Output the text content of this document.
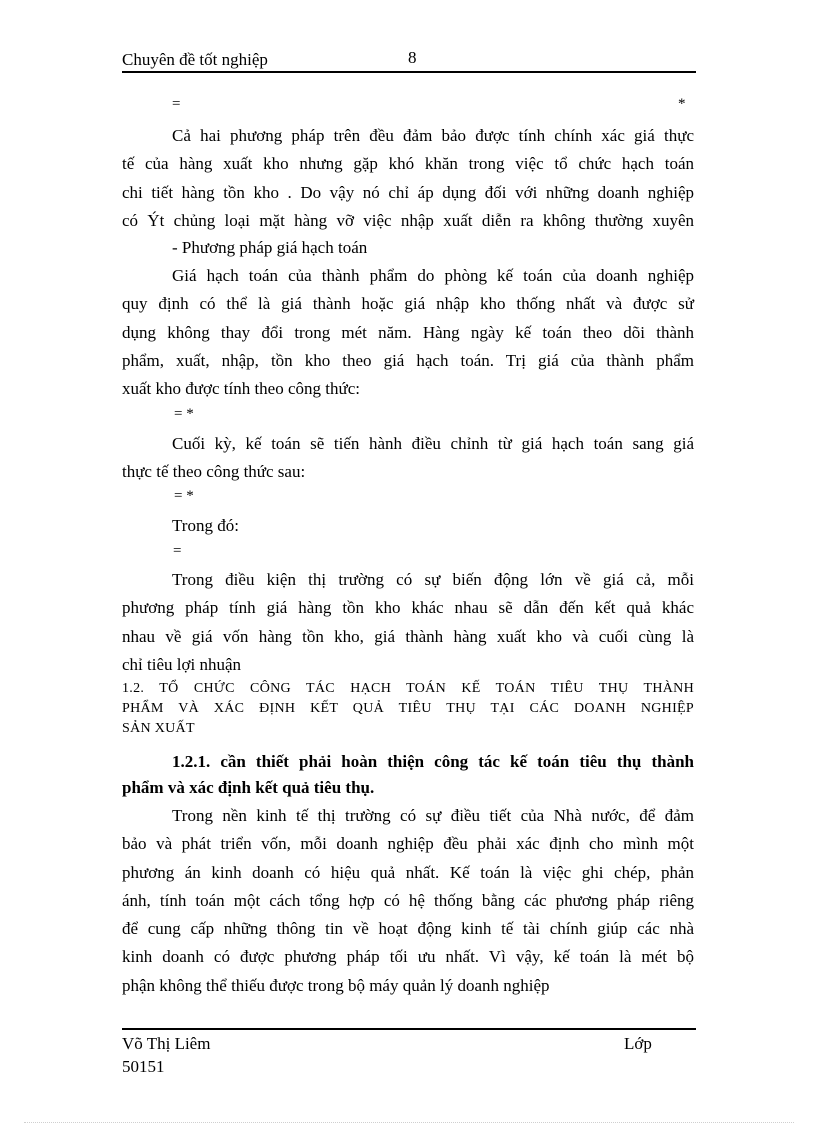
Chuyên đề tốt nghiệp	8
=	*
Cả hai phương pháp trên đều đảm bảo được tính chính xác giá thực
tế của hàng xuất kho nhưng gặp khó khăn trong việc tổ chức hạch toán
chi tiết hàng tồn kho . Do vậy nó chỉ áp dụng đối với những doanh nghiệp
có Ýt chủng loại mặt hàng vỡ việc nhập xuất diễn ra không thường xuyên
- Phương pháp giá hạch toán
Giá hạch toán của thành phẩm do phòng kế toán của doanh nghiệp
quy định có thể là giá thành hoặc giá nhập kho thống nhất và được sử
dụng không thay đổi trong mét năm. Hàng ngày kế toán theo dõi thành
phẩm, xuất, nhập, tồn kho theo giá hạch toán. Trị giá của thành phẩm
xuất kho được tính theo công thức:
= *
Cuối kỳ, kế toán sẽ tiến hành điều chỉnh từ giá hạch toán sang giá
thực tế theo công thức sau:
= *
Trong đó:
=
Trong điều kiện thị trường có sự biến động lớn về giá cả, mỗi
phương pháp tính giá hàng tồn kho khác nhau sẽ dẫn đến kết quả khác
nhau về giá vốn hàng tồn kho, giá thành hàng xuất kho và cuối cùng là
chỉ tiêu lợi nhuận
1.2. TỔ CHỨC CÔNG TÁC HẠCH TOÁN KẾ TOÁN TIÊU THỤ THÀNH
PHẨM VÀ XÁC ĐỊNH KẾT QUẢ TIÊU THỤ TẠI CÁC DOANH NGHIỆP
SẢN XUẤT
1.2.1. cần thiết phải hoàn thiện công tác kế toán tiêu thụ thành
phẩm và xác định kết quả tiêu thụ.
Trong nền kinh tế thị trường có sự điều tiết của Nhà nước, để đảm
bảo và phát triển vốn, mỗi doanh nghiệp đều phải xác định cho mình một
phương án kinh doanh có hiệu quả nhất. Kế toán là việc ghi chép, phản
ánh, tính toán một cách tổng hợp có hệ thống bằng các phương pháp riêng
để cung cấp những thông tin về hoạt động kinh tế tài chính giúp các nhà
kinh doanh có được phương pháp tối ưu nhất. Vì vậy, kế toán là mét bộ
phận không thể thiếu được trong bộ máy quản lý doanh nghiệp
Võ Thị Liêm	Lớp
50151
